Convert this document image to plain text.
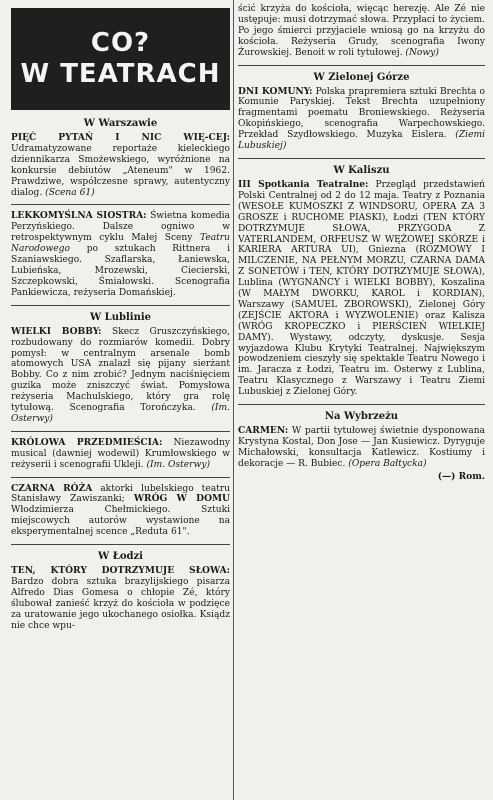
CO?
W TEATRACH
W Warszawie

PIĘĆ PYTAŃ I NIC WIĘ-CEJ: Udramatyzowane reportaże kieleckiego dziennikarza Smożewskiego, wyróżnione na konkursie debiutów „Ateneum" w 1962. Prawdziwe, współczesne sprawy, autentyczny dialog. (Scena 61)

LEKKOMYŚLNA SIOSTRA: Świetna komedia Perzyńskiego. Dalsze ogniwo w retrospektywnym cyklu Małej Sceny Teatru Narodowego po sztukach Rittnera i Szaniawskiego. Szaflarska, Łaniewska, Lubieńska, Mrozewski, Ciecierski, Szczepkowski, Śmiałowski. Scenografia Pankiewicza, reżyseria Domańskiej.

W Lublinie

WIELKI BOBBY: Skecz Gruszczyńskiego, rozbudowany do rozmiarów komedii. Dobry pomysł: w centralnym arsenale bomb atomowych USA znalazł się pijany sierżant Bobby. Co z nim zrobić? Jednym naciśnięciem guzika może zniszczyć świat. Pomysłowa reżyseria Machulskiego, który gra rolę tytułową. Scenografia Torończyka. (Im. Osterwy)

KRÓLOWA PRZEDMIEŚCIA: Niezawodny musical (dawniej wodewil) Krumłowskiego w reżyserii i scenografii Ukleji. (Im. Osterwy)

CZARNA RÓŻA aktorki lubelskiego teatru Stanisławy Zawiszanki; WRÓG W DOMU Włodzimierza Chełmickiego. Sztuki miejscowych autorów wystawione na eksperymentalnej scence „Reduta 61".

W Łodzi

TEN, KTÓRY DOTRZYMUJE SŁOWA: Bardzo dobra sztuka brazylijskiego pisarza Alfredo Dias Gomesa o chłopie Zé, który ślubował zanieść krzyż do kościoła w podzięce za uratowanie jego ukochanego osiołka. Ksiądz nie chce wpu-

ścić krzyża do kościoła, więcąc herezję. Ale Zé nie ustępuje: musi dotrzymać słowa. Przypłaci to życiem. Po jego śmierci przyjaciele wniosą go na krzyżu do kościoła. Reżyseria Grudy, scenografia Iwony Żurowskiej. Benoit w roli tytułowej. (Nowy)

W Zielonej Górze

DNI KOMUNY: Polska prapremiera sztuki Brechta o Komunie Paryskiej. Tekst Brechta uzupełniony fragmentami poematu Broniewskiego. Reżyseria Okopińskiego, scenografia Warpechowskiego. Przekład Szydłowskiego. Muzyka Eislera. (Ziemi Lubuskiej)

W Kaliszu

III Spotkania Teatralne: Przegląd przedstawień Polski Centralnej od 2 do 12 maja. Teatry z Poznania (WESOŁE KUMOSZKI Z WINDSORU, OPERA ZA 3 GROSZE i RUCHOME PIASKI), Łodzi (TEN KTÓRY DOTRZYMUJE SŁOWA, PRZYGODA Z VATERLANDEM, ORFEUSZ W WĘŻOWEJ SKÓRZE i KARIERA ARTURA UI), Gniezna (ROZMOWY I MILCZENIE, NA PEŁNYM MORZU, CZARNA DAMA Z SONETÓW i TEN, KTÓRY DOTRZYMUJE SŁOWA), Lublina (WYGNAŃCY i WIELKI BOBBY), Koszalina (W MAŁYM DWORKU, KAROL i KORDIAN), Warszawy (SAMUEL ZBOROWSKI), Zielonej Góry (ZEJŚCIE AKTORA i WYZWOLENIE) oraz Kalisza (WRÓG KROPECZKO i PIERŚCIEŃ WIELKIEJ DAMY). Wystawy, odczyty, dyskusje. Sesja wyjazdowa Klubu Krytyki Teatralnej. Największym powodzeniem cieszyły się spektakle Teatru Nowego i im. Jaracza z Łodzi, Teatru im. Osterwy z Lublina, Teatru Klasycznego z Warszawy i Teatru Ziemi Lubuskiej z Zielonej Góry.

Na Wybrzeżu

CARMEN: W partii tytułowej świetnie dysponowana Krystyna Kostal, Don Jose — Jan Kusiewicz. Dyryguje Michałowski, konsultacja Katlewicz. Kostiumy i dekoracje — R. Bubiec. (Opera Bałtycka)

(—) Rom.
